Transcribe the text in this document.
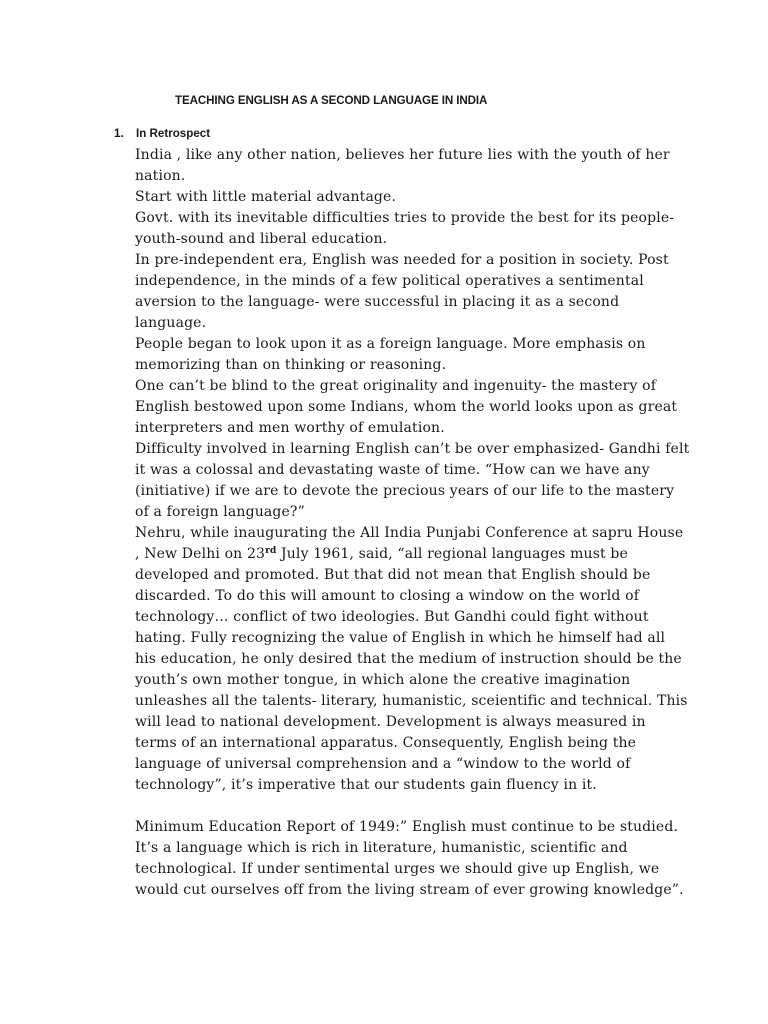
TEACHING ENGLISH AS A SECOND LANGUAGE IN INDIA
1. In Retrospect

India , like any other nation, believes her future lies with the youth of her nation.

Start with little material advantage.

Govt. with its inevitable difficulties tries to provide the best for its people- youth-sound and liberal education.

In pre-independent era, English was needed for a position in society. Post independence, in the minds of a few political operatives a sentimental aversion to the language- were successful in placing it as a second language.

People began to look upon it as a foreign language. More emphasis on memorizing than on thinking or reasoning.

One can’t be blind to the great originality and ingenuity- the mastery of English bestowed upon some Indians, whom the world looks upon as great interpreters and men worthy of emulation.

Difficulty involved in learning English can’t be over emphasized- Gandhi felt it was a colossal and devastating waste of time. “How can we have any (initiative) if we are to devote the precious years of our life to the mastery of a foreign language?”

Nehru, while inaugurating the All India Punjabi Conference at sapru House , New Delhi on 23rd July 1961, said, “all regional languages must be developed and promoted. But that did not mean that English should be discarded. To do this will amount to closing a window on the world of technology… conflict of two ideologies. But Gandhi could fight without hating. Fully recognizing the value of English in which he himself had all his education, he only desired that the medium of instruction should be the youth’s own mother tongue, in which alone the creative imagination unleashes all the talents- literary, humanistic, sceientific and technical. This will lead to national development. Development is always measured in terms of an international apparatus. Consequently, English being the language of universal comprehension and a “window to the world of technology”, it’s imperative that our students gain fluency in it.

Minimum Education Report of 1949:” English must continue to be studied. It’s a language which is rich in literature, humanistic, scientific and technological. If under sentimental urges we should give up English, we would cut ourselves off from the living stream of ever growing knowledge”.
